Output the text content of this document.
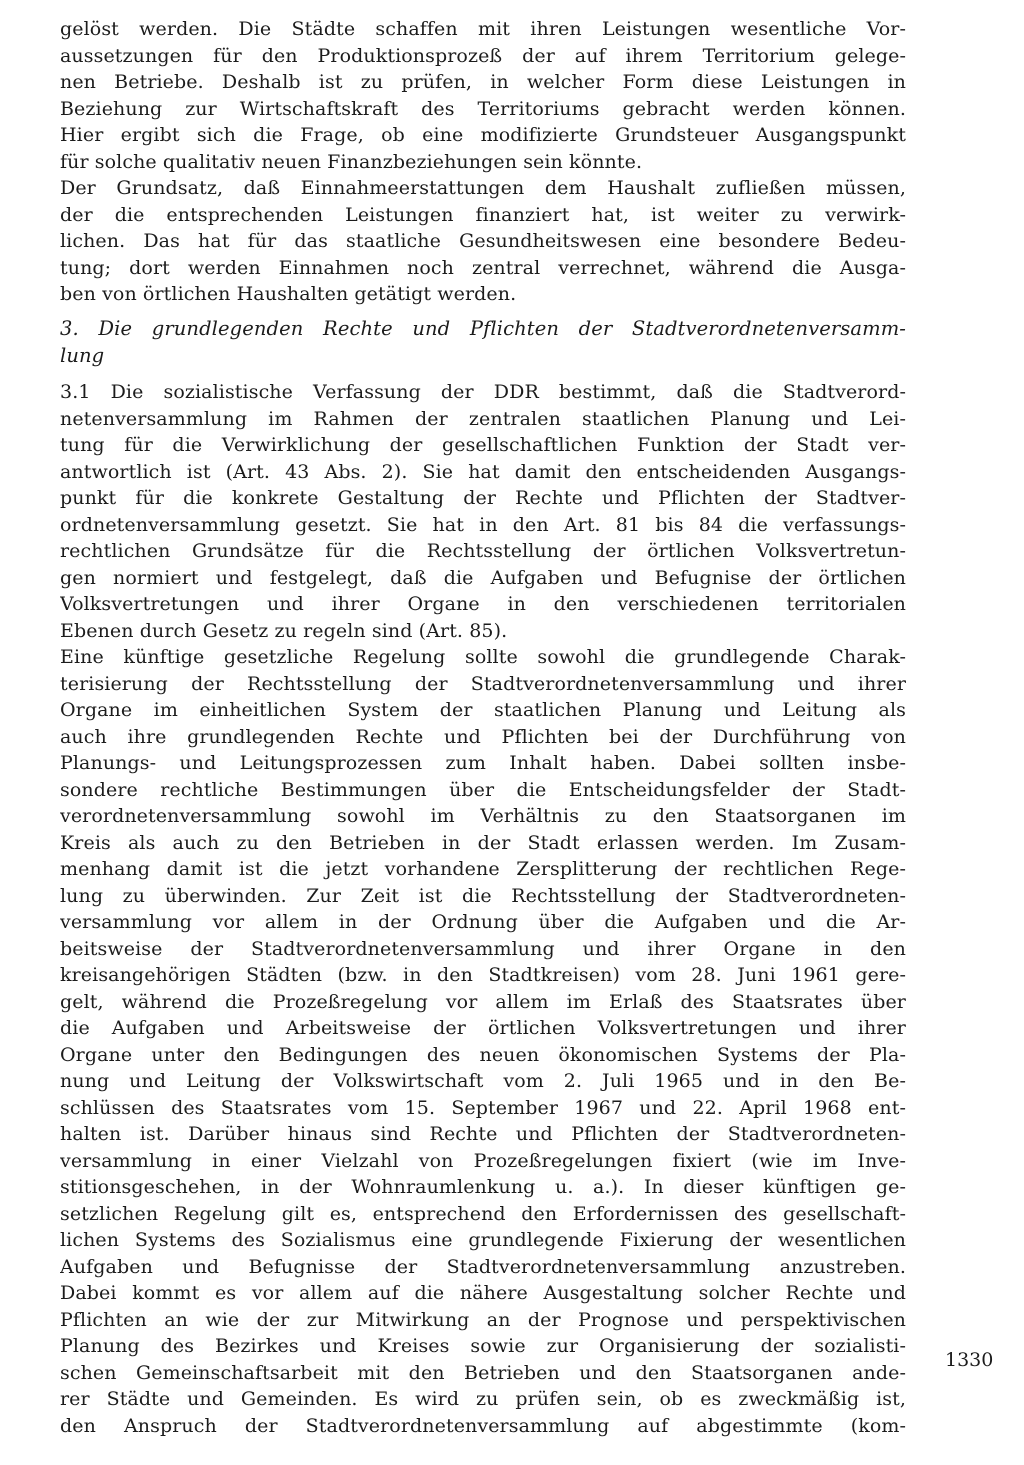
gelöst werden. Die Städte schaffen mit ihren Leistungen wesentliche Vor-
aussetzungen für den Produktionsprozeß der auf ihrem Territorium gelege-
nen Betriebe. Deshalb ist zu prüfen, in welcher Form diese Leistungen in
Beziehung zur Wirtschaftskraft des Territoriums gebracht werden können.
Hier ergibt sich die Frage, ob eine modifizierte Grundsteuer Ausgangspunkt
für solche qualitativ neuen Finanzbeziehungen sein könnte.
Der Grundsatz, daß Einnahmeerstattungen dem Haushalt zufließen müssen,
der die entsprechenden Leistungen finanziert hat, ist weiter zu verwirk-
lichen. Das hat für das staatliche Gesundheitswesen eine besondere Bedeu-
tung; dort werden Einnahmen noch zentral verrechnet, während die Ausga-
ben von örtlichen Haushalten getätigt werden.
3. Die grundlegenden Rechte und Pflichten der Stadtverordnetenversamm-
lung
3.1 Die sozialistische Verfassung der DDR bestimmt, daß die Stadtverord-
netenversammlung im Rahmen der zentralen staatlichen Planung und Lei-
tung für die Verwirklichung der gesellschaftlichen Funktion der Stadt ver-
antwortlich ist (Art. 43 Abs. 2). Sie hat damit den entscheidenden Ausgangs-
punkt für die konkrete Gestaltung der Rechte und Pflichten der Stadtver-
ordnetenversammlung gesetzt. Sie hat in den Art. 81 bis 84 die verfassungs-
rechtlichen Grundsätze für die Rechtsstellung der örtlichen Volksvertretun-
gen normiert und festgelegt, daß die Aufgaben und Befugnise der örtlichen
Volksvertretungen und ihrer Organe in den verschiedenen territorialen
Ebenen durch Gesetz zu regeln sind (Art. 85).
Eine künftige gesetzliche Regelung sollte sowohl die grundlegende Charak-
terisierung der Rechtsstellung der Stadtverordnetenversammlung und ihrer
Organe im einheitlichen System der staatlichen Planung und Leitung als
auch ihre grundlegenden Rechte und Pflichten bei der Durchführung von
Planungs- und Leitungsprozessen zum Inhalt haben. Dabei sollten insbe-
sondere rechtliche Bestimmungen über die Entscheidungsfelder der Stadt-
verordnetenversammlung sowohl im Verhältnis zu den Staatsorganen im
Kreis als auch zu den Betrieben in der Stadt erlassen werden. Im Zusam-
menhang damit ist die jetzt vorhandene Zersplitterung der rechtlichen Rege-
lung zu überwinden. Zur Zeit ist die Rechtsstellung der Stadtverordneten-
versammlung vor allem in der Ordnung über die Aufgaben und die Ar-
beitsweise der Stadtverordnetenversammlung und ihrer Organe in den
kreisangehörigen Städten (bzw. in den Stadtkreisen) vom 28. Juni 1961 gere-
gelt, während die Prozeßregelung vor allem im Erlaß des Staatsrates über
die Aufgaben und Arbeitsweise der örtlichen Volksvertretungen und ihrer
Organe unter den Bedingungen des neuen ökonomischen Systems der Pla-
nung und Leitung der Volkswirtschaft vom 2. Juli 1965 und in den Be-
schlüssen des Staatsrates vom 15. September 1967 und 22. April 1968 ent-
halten ist. Darüber hinaus sind Rechte und Pflichten der Stadtverordneten-
versammlung in einer Vielzahl von Prozeßregelungen fixiert (wie im Inve-
stitionsgeschehen, in der Wohnraumlenkung u. a.). In dieser künftigen ge-
setzlichen Regelung gilt es, entsprechend den Erfordernissen des gesellschaft-
lichen Systems des Sozialismus eine grundlegende Fixierung der wesentlichen
Aufgaben und Befugnisse der Stadtverordnetenversammlung anzustreben.
Dabei kommt es vor allem auf die nähere Ausgestaltung solcher Rechte und
Pflichten an wie der zur Mitwirkung an der Prognose und perspektivischen
Planung des Bezirkes und Kreises sowie zur Organisierung der sozialisti-
schen Gemeinschaftsarbeit mit den Betrieben und den Staatsorganen ande-
rer Städte und Gemeinden. Es wird zu prüfen sein, ob es zweckmäßig ist,
den Anspruch der Stadtverordnetenversammlung auf abgestimmte (kom-
1330
